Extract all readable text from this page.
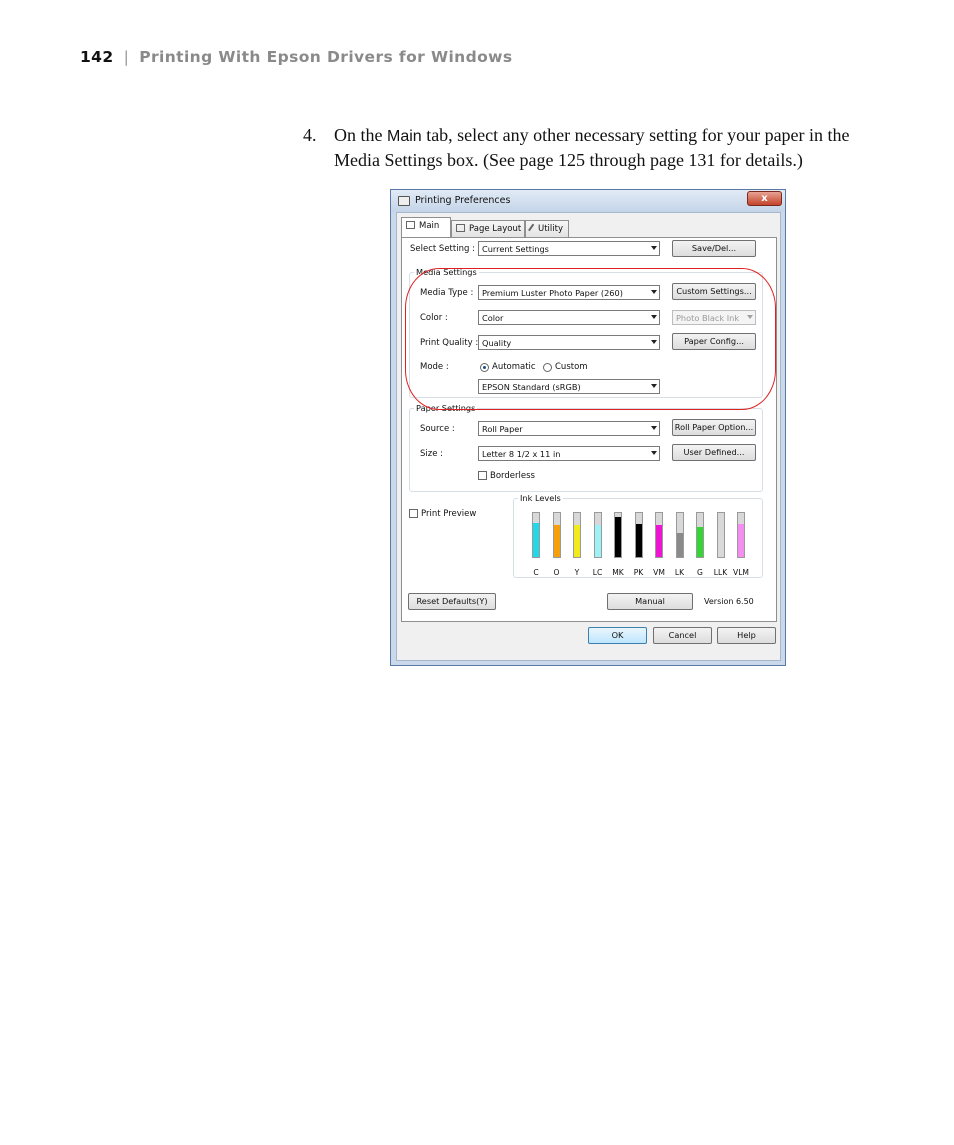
142 | Printing With Epson Drivers for Windows
4. On the Main tab, select any other necessary setting for your paper in the Media Settings box. (See page 125 through page 131 for details.)
Printing Preferences	x
Main	Page Layout	Utility
Select Setting : Current Settings	Save/Del...
Media Settings
Media Type :	Premium Luster Photo Paper (260)	Custom Settings...
Color :	Color	Photo Black Ink
Print Quality : Quality	Paper Config...
Mode :	Automatic Custom
EPSON Standard (sRGB)
Paper Settings
Source :	Roll Paper	Roll Paper Option...
Size :	Letter 8 1/2 x 11 in	User Defined...
Borderless
Print Preview
Ink Levels
C	O	Y	LC	MK	PK	VM	LK	G	LLK VLM
Reset Defaults(Y)	Manual	Version 6.50
OK	Cancel	Help
